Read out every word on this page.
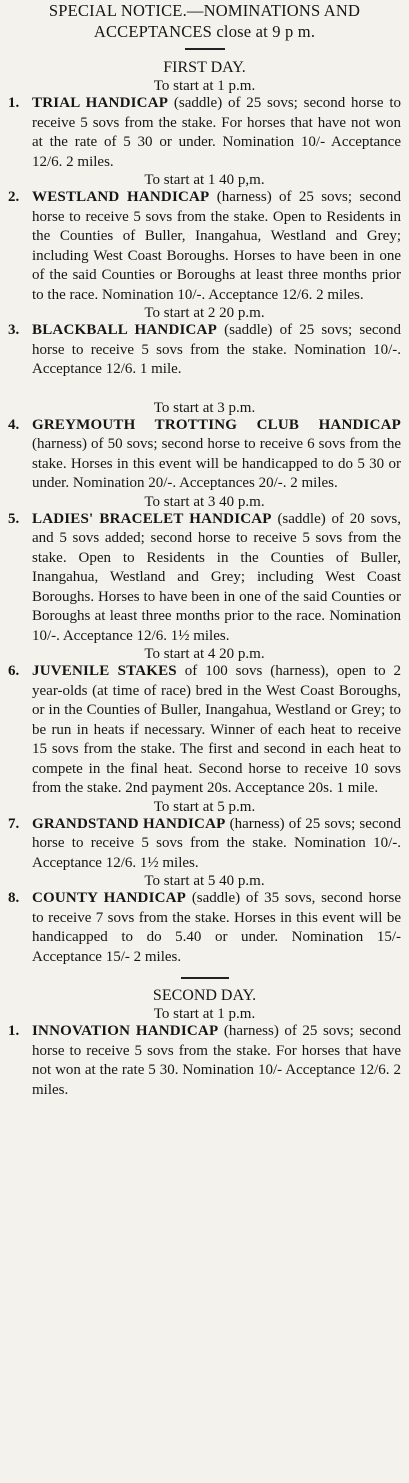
SPECIAL NOTICE.—NOMINATIONS AND ACCEPTANCES close at 9 p m.

FIRST DAY.

To start at 1 p.m.

1. TRIAL HANDICAP (saddle) of 25 sovs; second horse to receive 5 sovs from the stake. For horses that have not won at the rate of 5 30 or under. Nomination 10/- Acceptance 12/6. 2 miles.

To start at 1 40 p,m.

2. WESTLAND HANDICAP (harness) of 25 sovs; second horse to receive 5 sovs from the stake. Open to Residents in the Counties of Buller, Inangahua, Westland and Grey; including West Coast Boroughs. Horses to have been in one of the said Counties or Boroughs at least three months prior to the race. Nomination 10/-. Acceptance 12/6. 2 miles.

To start at 2 20 p.m.

3. BLACKBALL HANDICAP (saddle) of 25 sovs; second horse to receive 5 sovs from the stake. Nomination 10/-. Acceptance 12/6. 1 mile.

To start at 3 p.m.

4. GREYMOUTH TROTTING CLUB HANDICAP (harness) of 50 sovs; second horse to receive 6 sovs from the stake. Horses in this event will be handicapped to do 5 30 or under. Nomination 20/-. Acceptances 20/-. 2 miles.

To start at 3 40 p.m.

5. LADIES' BRACELET HANDICAP (saddle) of 20 sovs, and 5 sovs added; second horse to receive 5 sovs from the stake. Open to Residents in the Counties of Buller, Inangahua, Westland and Grey; including West Coast Boroughs. Horses to have been in one of the said Counties or Boroughs at least three months prior to the race. Nomination 10/-. Acceptance 12/6. 1½ miles.

To start at 4 20 p.m.

6. JUVENILE STAKES of 100 sovs (harness), open to 2 year-olds (at time of race) bred in the West Coast Boroughs, or in the Counties of Buller, Inangahua, Westland or Grey; to be run in heats if necessary. Winner of each heat to receive 15 sovs from the stake. The first and second in each heat to compete in the final heat. Second horse to receive 10 sovs from the stake. 2nd payment 20s. Acceptance 20s. 1 mile.

To start at 5 p.m.

7. GRANDSTAND HANDICAP (harness) of 25 sovs; second horse to receive 5 sovs from the stake. Nomination 10/-. Acceptance 12/6. 1½ miles.

To start at 5 40 p.m.

8. COUNTY HANDICAP (saddle) of 35 sovs, second horse to receive 7 sovs from the stake. Horses in this event will be handicapped to do 5.40 or under. Nomination 15/- Acceptance 15/- 2 miles.

SECOND DAY.

To start at 1 p.m.

1. INNOVATION HANDICAP (harness) of 25 sovs; second horse to receive 5 sovs from the stake. For horses that have not won at the rate 5 30. Nomination 10/- Acceptance 12/6. 2 miles.
